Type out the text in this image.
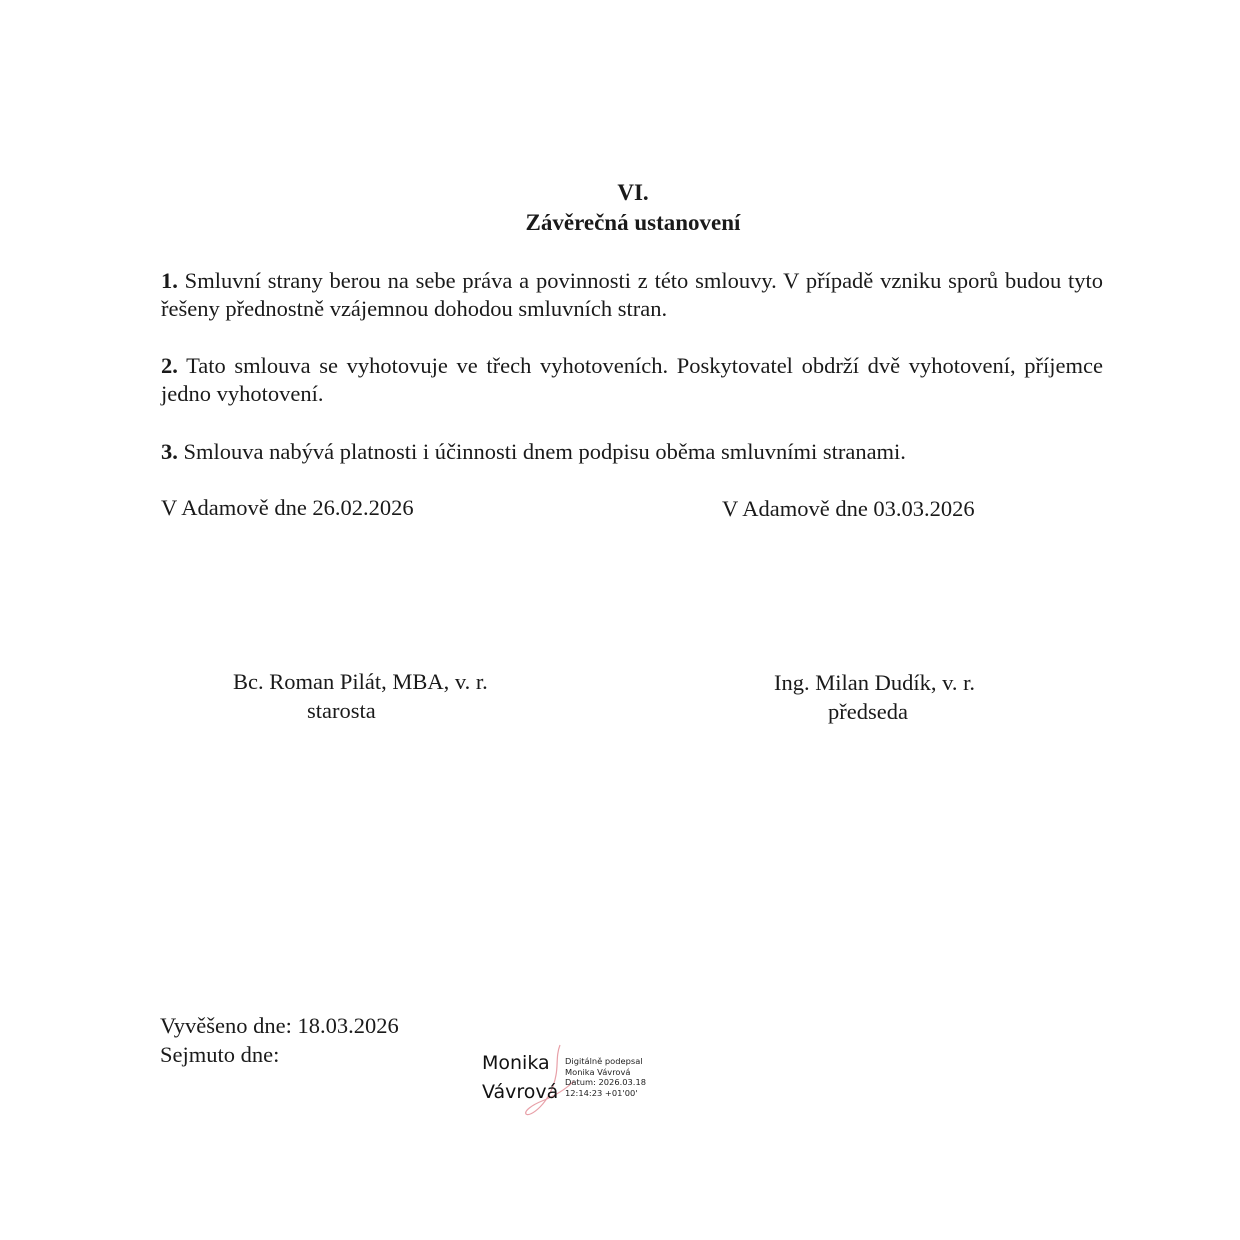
VI.
Závěrečná ustanovení
1. Smluvní strany berou na sebe práva a povinnosti z této smlouvy. V případě vzniku sporů budou tyto řešeny přednostně vzájemnou dohodou smluvních stran.
2. Tato smlouva se vyhotovuje ve třech vyhotoveních. Poskytovatel obdrží dvě vyhotovení, příjemce jedno vyhotovení.
3. Smlouva nabývá platnosti i účinnosti dnem podpisu oběma smluvními stranami.
V Adamově dne 26.02.2026	V Adamově dne 03.03.2026
Bc. Roman Pilát, MBA, v. r.
starosta
Ing. Milan Dudík, v. r.
předseda
Vyvěšeno dne: 18.03.2026
Sejmuto dne:	Monika
Vávrová
Digitálně podepsal
Monika Vávrová
Datum: 2026.03.18
12:14:23 +01'00'
